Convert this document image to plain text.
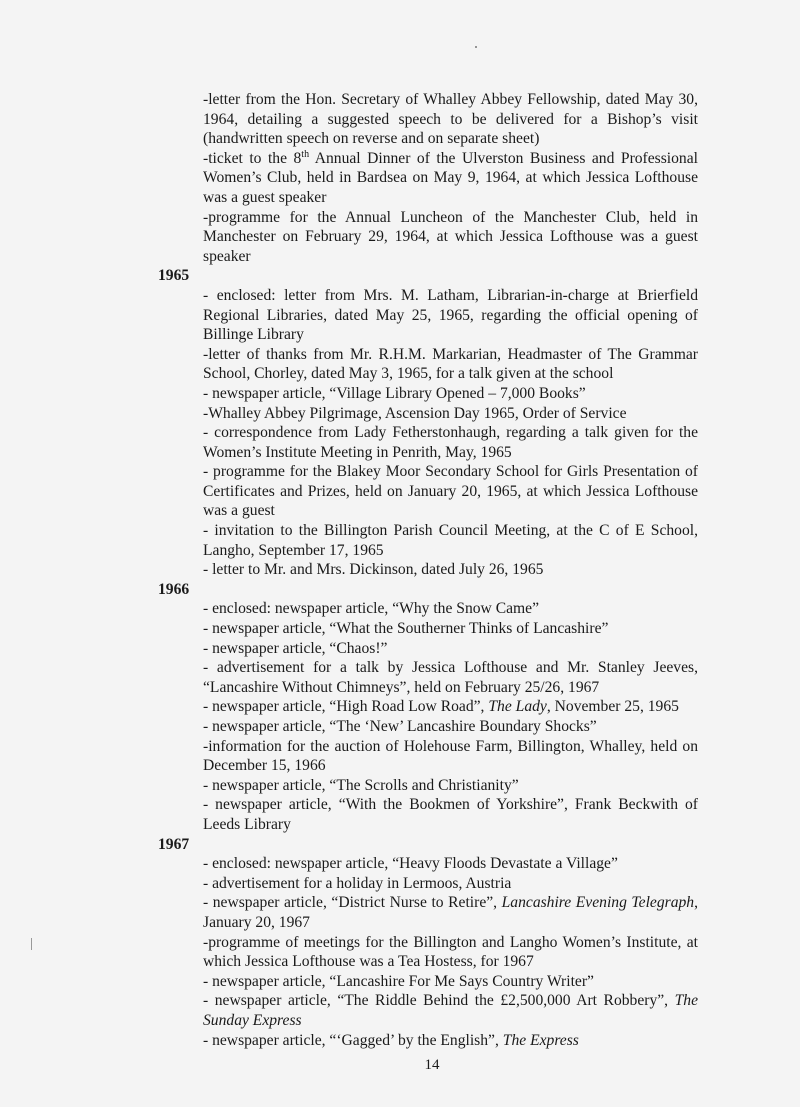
-letter from the Hon. Secretary of Whalley Abbey Fellowship, dated May 30, 1964, detailing a suggested speech to be delivered for a Bishop’s visit (handwritten speech on reverse and on separate sheet)
-ticket to the 8th Annual Dinner of the Ulverston Business and Professional Women’s Club, held in Bardsea on May 9, 1964, at which Jessica Lofthouse was a guest speaker
-programme for the Annual Luncheon of the Manchester Club, held in Manchester on February 29, 1964, at which Jessica Lofthouse was a guest speaker
1965
- enclosed: letter from Mrs. M. Latham, Librarian-in-charge at Brierfield Regional Libraries, dated May 25, 1965, regarding the official opening of Billinge Library
-letter of thanks from Mr. R.H.M. Markarian, Headmaster of The Grammar School, Chorley, dated May 3, 1965, for a talk given at the school
- newspaper article, “Village Library Opened – 7,000 Books”
-Whalley Abbey Pilgrimage, Ascension Day 1965, Order of Service
- correspondence from Lady Fetherstonhaugh, regarding a talk given for the Women’s Institute Meeting in Penrith, May, 1965
- programme for the Blakey Moor Secondary School for Girls Presentation of Certificates and Prizes, held on January 20, 1965, at which Jessica Lofthouse was a guest
- invitation to the Billington Parish Council Meeting, at the C of E School, Langho, September 17, 1965
- letter to Mr. and Mrs. Dickinson, dated July 26, 1965
1966
- enclosed: newspaper article, “Why the Snow Came”
- newspaper article, “What the Southerner Thinks of Lancashire”
- newspaper article, “Chaos!”
- advertisement for a talk by Jessica Lofthouse and Mr. Stanley Jeeves, “Lancashire Without Chimneys”, held on February 25/26, 1967
- newspaper article, “High Road Low Road”, The Lady, November 25, 1965
- newspaper article, “The ‘New’ Lancashire Boundary Shocks”
-information for the auction of Holehouse Farm, Billington, Whalley, held on December 15, 1966
- newspaper article, “The Scrolls and Christianity”
- newspaper article, “With the Bookmen of Yorkshire”, Frank Beckwith of Leeds Library
1967
- enclosed: newspaper article, “Heavy Floods Devastate a Village”
- advertisement for a holiday in Lermoos, Austria
- newspaper article, “District Nurse to Retire”, Lancashire Evening Telegraph, January 20, 1967
-programme of meetings for the Billington and Langho Women’s Institute, at which Jessica Lofthouse was a Tea Hostess, for 1967
- newspaper article, “Lancashire For Me Says Country Writer”
- newspaper article, “The Riddle Behind the £2,500,000 Art Robbery”, The Sunday Express
- newspaper article, “‘Gagged’ by the English”, The Express
14
